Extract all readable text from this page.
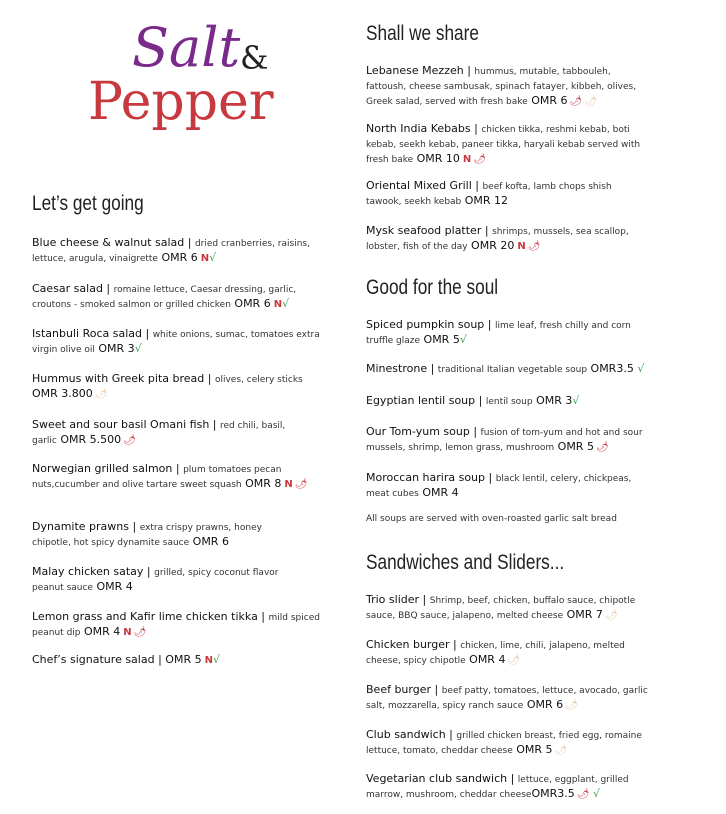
Salt &
Pepper
Let’s get going
Blue cheese & walnut salad | dried cranberries, raisins, lettuce, arugula, vinaigrette OMR 6 N√
Caesar salad | romaine lettuce, Caesar dressing, garlic, croutons - smoked salmon or grilled chicken OMR 6 N√
Istanbuli Roca salad | white onions, sumac, tomatoes extra virgin olive oil OMR 3√
Hummus with Greek pita bread | olives, celery sticks OMR 3.800 🌶
Sweet and sour basil Omani fish | red chili, basil, garlic OMR 5.500 🌶
Norwegian grilled salmon | plum tomatoes pecan nuts,cucumber and olive tartare sweet squash OMR 8 N 🌶
Dynamite prawns | extra crispy prawns, honey chipotle, hot spicy dynamite sauce OMR 6
Malay chicken satay | grilled, spicy coconut flavor peanut sauce OMR 4
Lemon grass and Kafir lime chicken tikka | mild spiced peanut dip OMR 4 N 🌶
Chef’s signature salad | OMR 5 N√
Shall we share
Lebanese Mezzeh | hummus, mutable, tabbouleh, fattoush, cheese sambusak, spinach fatayer, kibbeh, olives, Greek salad, served with fresh bake OMR 6 🌶 🌶
North India Kebabs | chicken tikka, reshmi kebab, boti kebab, seekh kebab, paneer tikka, haryali kebab served with fresh bake OMR 10 N 🌶
Oriental Mixed Grill | beef kofta, lamb chops shish tawook, seekh kebab OMR 12
Mysk seafood platter | shrimps, mussels, sea scallop, lobster, fish of the day OMR 20 N 🌶
Good for the soul
Spiced pumpkin soup | lime leaf, fresh chilly and corn truffle glaze OMR 5√
Minestrone | traditional Italian vegetable soup OMR3.5 √
Egyptian lentil soup | lentil soup OMR 3√
Our Tom-yum soup | fusion of tom-yum and hot and sour mussels, shrimp, lemon grass, mushroom OMR 5 🌶
Moroccan harira soup | black lentil, celery, chickpeas, meat cubes OMR 4
All soups are served with oven-roasted garlic salt bread
Sandwiches and Sliders...
Trio slider | Shrimp, beef, chicken, buffalo sauce, chipotle sauce, BBQ sauce, jalapeno, melted cheese OMR 7 🌶
Chicken burger | chicken, lime, chili, jalapeno, melted cheese, spicy chipotle OMR 4 🌶
Beef burger | beef patty, tomatoes, lettuce, avocado, garlic salt, mozzarella, spicy ranch sauce OMR 6 🌶
Club sandwich | grilled chicken breast, fried egg, romaine lettuce, tomato, cheddar cheese OMR 5 🌶
Vegetarian club sandwich | lettuce, eggplant, grilled marrow, mushroom, cheddar cheeseOMR3.5 🌶 √
